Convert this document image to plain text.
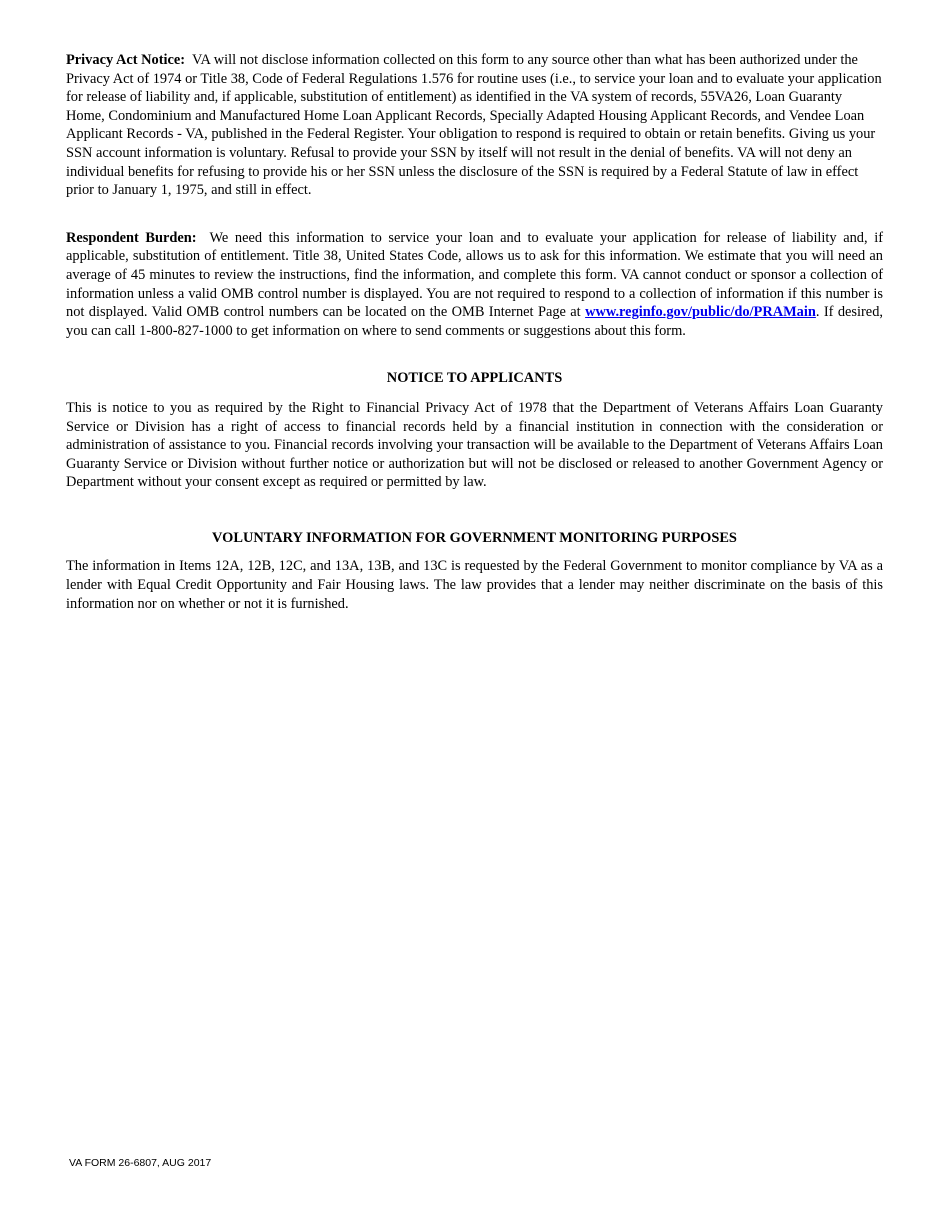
Privacy Act Notice: VA will not disclose information collected on this form to any source other than what has been authorized under the Privacy Act of 1974 or Title 38, Code of Federal Regulations 1.576 for routine uses (i.e., to service your loan and to evaluate your application for release of liability and, if applicable, substitution of entitlement) as identified in the VA system of records, 55VA26, Loan Guaranty Home, Condominium and Manufactured Home Loan Applicant Records, Specially Adapted Housing Applicant Records, and Vendee Loan Applicant Records - VA, published in the Federal Register. Your obligation to respond is required to obtain or retain benefits. Giving us your SSN account information is voluntary. Refusal to provide your SSN by itself will not result in the denial of benefits. VA will not deny an individual benefits for refusing to provide his or her SSN unless the disclosure of the SSN is required by a Federal Statute of law in effect prior to January 1, 1975, and still in effect.

Respondent Burden: We need this information to service your loan and to evaluate your application for release of liability and, if applicable, substitution of entitlement. Title 38, United States Code, allows us to ask for this information. We estimate that you will need an average of 45 minutes to review the instructions, find the information, and complete this form. VA cannot conduct or sponsor a collection of information unless a valid OMB control number is displayed. You are not required to respond to a collection of information if this number is not displayed. Valid OMB control numbers can be located on the OMB Internet Page at www.reginfo.gov/public/do/PRAMain. If desired, you can call 1-800-827-1000 to get information on where to send comments or suggestions about this form.

NOTICE TO APPLICANTS

This is notice to you as required by the Right to Financial Privacy Act of 1978 that the Department of Veterans Affairs Loan Guaranty Service or Division has a right of access to financial records held by a financial institution in connection with the consideration or administration of assistance to you. Financial records involving your transaction will be available to the Department of Veterans Affairs Loan Guaranty Service or Division without further notice or authorization but will not be disclosed or released to another Government Agency or Department without your consent except as required or permitted by law.

VOLUNTARY INFORMATION FOR GOVERNMENT MONITORING PURPOSES

The information in Items 12A, 12B, 12C, and 13A, 13B, and 13C is requested by the Federal Government to monitor compliance by VA as a lender with Equal Credit Opportunity and Fair Housing laws. The law provides that a lender may neither discriminate on the basis of this information nor on whether or not it is furnished.

VA FORM 26-6807, AUG 2017
